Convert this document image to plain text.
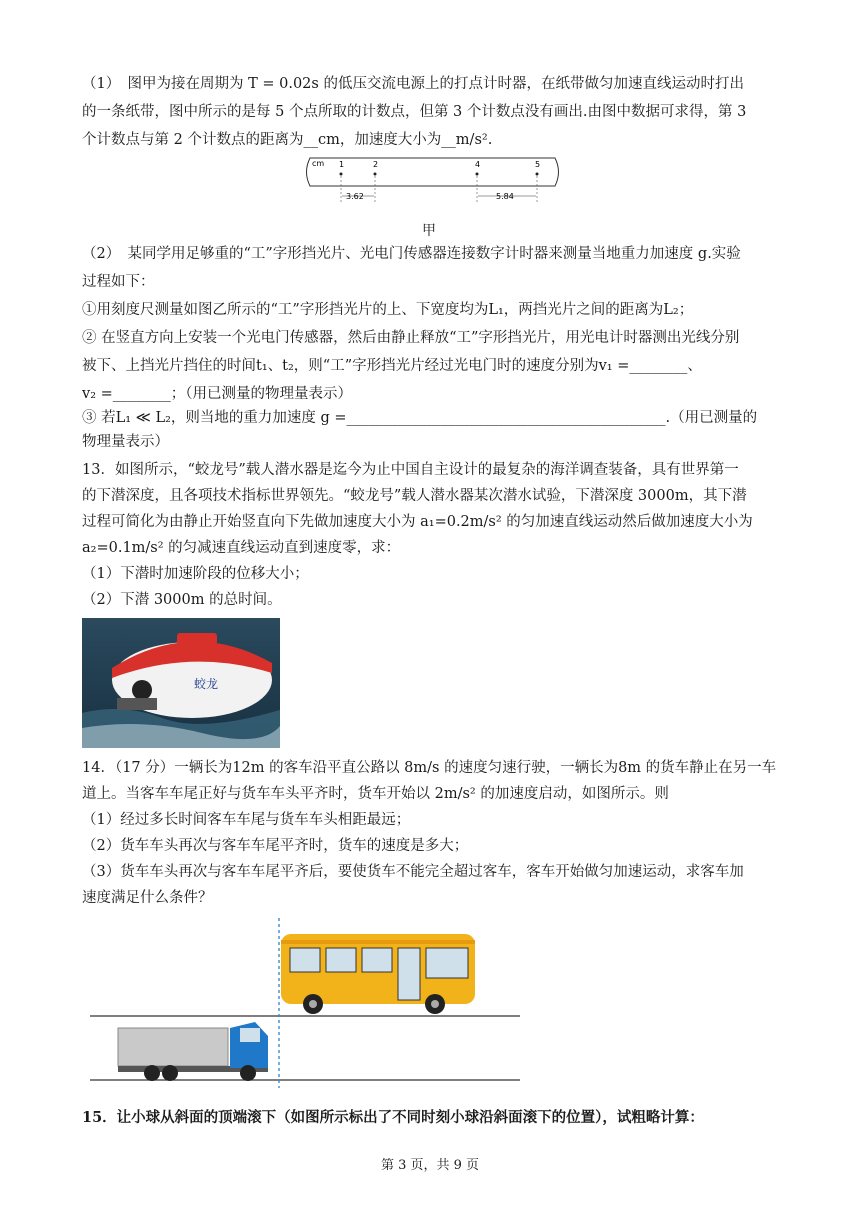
（1）　图甲为接在周期为 T = 0.02s 的低压交流电源上的打点计时器，在纸带做匀加速直线运动时打出
的一条纸带，图中所示的是每 5 个点所取的计数点，但第 3 个计数点没有画出.由图中数据可求得，第 3
个计数点与第 2 个计数点的距离为__cm，加速度大小为__m/s².
cm 1	2	4	5
3.62	5.84
甲
（2）　某同学用足够重的“工”字形挡光片、光电门传感器连接数字计时器来测量当地重力加速度 g.实验
过程如下：
①用刻度尺测量如图乙所示的“工”字形挡光片的上、下宽度均为L₁，两挡光片之间的距离为L₂；
② 在竖直方向上安装一个光电门传感器，然后由静止释放“工”字形挡光片，用光电计时器测出光线分别
被下、上挡光片挡住的时间t₁、t₂，则“工”字形挡光片经过光电门时的速度分别为v₁ =________、
v₂ =________；（用已测量的物理量表示）
③ 若L₁ ≪ L₂，则当地的重力加速度 g =____________________________________________.（用已测量的
物理量表示）
13．如图所示，“蛟龙号”载人潜水器是迄今为止中国自主设计的最复杂的海洋调查装备，具有世界第一
的下潜深度，且各项技术指标世界领先。“蛟龙号”载人潜水器某次潜水试验，下潜深度 3000m，其下潜
过程可简化为由静止开始竖直向下先做加速度大小为 a₁=0.2m/s² 的匀加速直线运动然后做加速度大小为
a₂=0.1m/s² 的匀减速直线运动直到速度零，求：
（1）下潜时加速阶段的位移大小；
（2）下潜 3000m 的总时间。
蛟龙
14．（17 分）一辆长为12m 的客车沿平直公路以 8m/s 的速度匀速行驶，一辆长为8m 的货车静止在另一车
道上。当客车车尾正好与货车车头平齐时，货车开始以 2m/s² 的加速度启动，如图所示。则
（1）经过多长时间客车车尾与货车车头相距最远；
（2）货车车头再次与客车车尾平齐时，货车的速度是多大；
（3）货车车头再次与客车车尾平齐后，要使货车不能完全超过客车，客车开始做匀加速运动，求客车加
速度满足什么条件？
15．让小球从斜面的顶端滚下（如图所示标出了不同时刻小球沿斜面滚下的位置），试粗略计算：
第 3 页，共 9 页
